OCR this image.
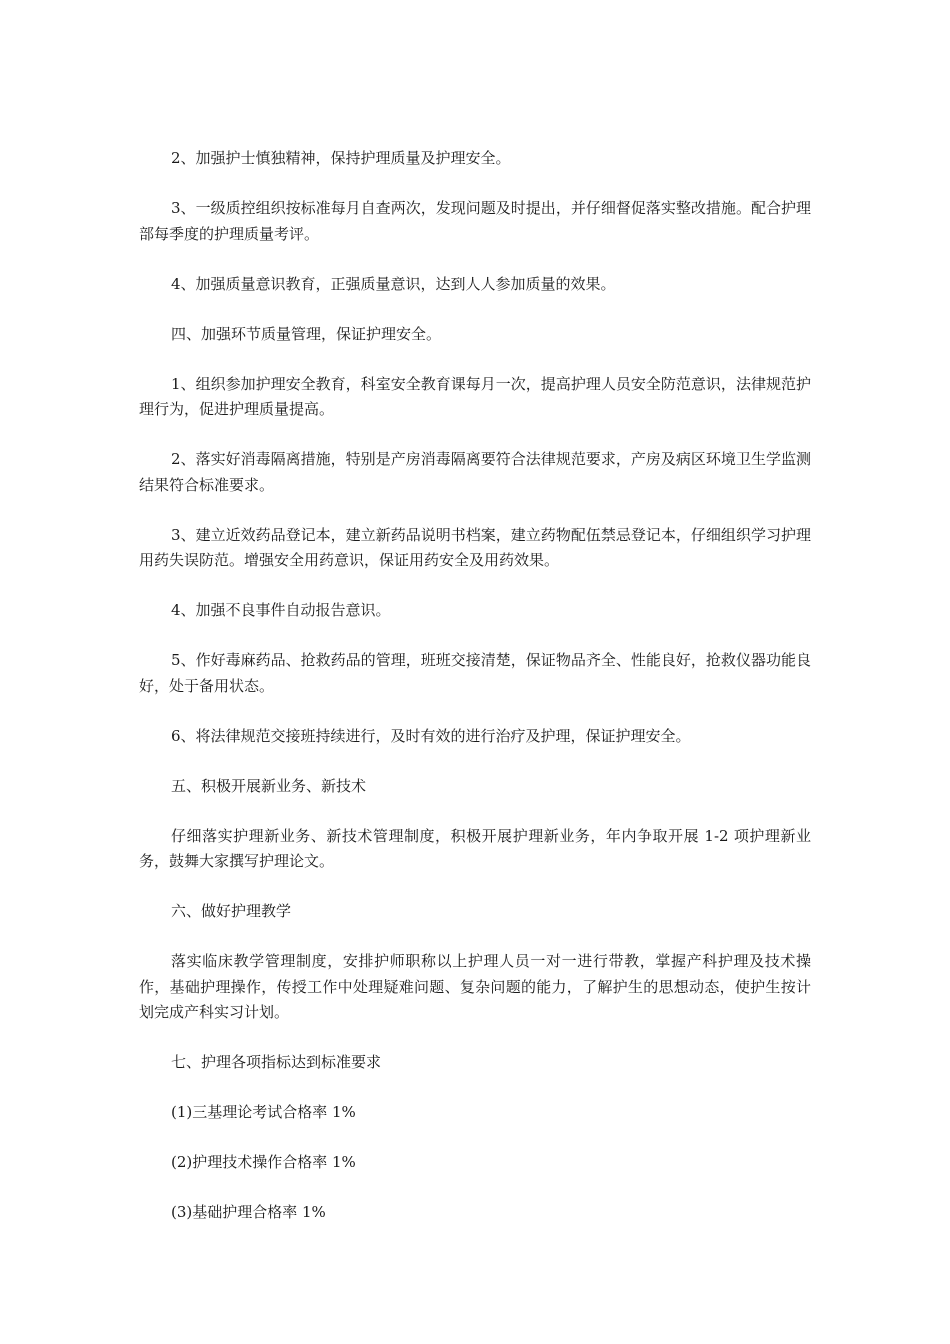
2、加强护士慎独精神，保持护理质量及护理安全。

3、一级质控组织按标准每月自查两次，发现问题及时提出，并仔细督促落实整改措施。配合护理部每季度的护理质量考评。

4、加强质量意识教育，正强质量意识，达到人人参加质量的效果。

四、加强环节质量管理，保证护理安全。

1、组织参加护理安全教育，科室安全教育课每月一次，提高护理人员安全防范意识，法律规范护理行为，促进护理质量提高。

2、落实好消毒隔离措施，特别是产房消毒隔离要符合法律规范要求，产房及病区环境卫生学监测结果符合标准要求。

3、建立近效药品登记本，建立新药品说明书档案，建立药物配伍禁忌登记本，仔细组织学习护理用药失误防范。增强安全用药意识，保证用药安全及用药效果。

4、加强不良事件自动报告意识。

5、作好毒麻药品、抢救药品的管理，班班交接清楚，保证物品齐全、性能良好，抢救仪器功能良好，处于备用状态。

6、将法律规范交接班持续进行，及时有效的进行治疗及护理，保证护理安全。

五、积极开展新业务、新技术

仔细落实护理新业务、新技术管理制度，积极开展护理新业务，年内争取开展 1-2 项护理新业务，鼓舞大家撰写护理论文。

六、做好护理教学

落实临床教学管理制度，安排护师职称以上护理人员一对一进行带教，掌握产科护理及技术操作，基础护理操作，传授工作中处理疑难问题、复杂问题的能力，了解护生的思想动态，使护生按计划完成产科实习计划。

七、护理各项指标达到标准要求

(1)三基理论考试合格率 1%

(2)护理技术操作合格率 1%

(3)基础护理合格率 1%
